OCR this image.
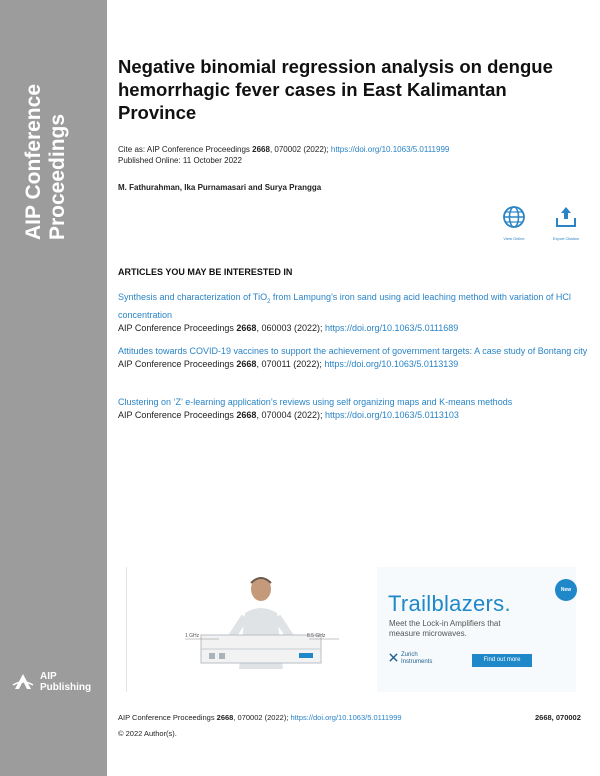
AIP Conference Proceedings
AIP
Publishing
Negative binomial regression analysis on dengue hemorrhagic fever cases in East Kalimantan Province
Cite as: AIP Conference Proceedings 2668, 070002 (2022); https://doi.org/10.1063/5.0111999
Published Online: 11 October 2022
M. Fathurahman, Ika Purnamasari and Surya Prangga
View Online	Export Citation
ARTICLES YOU MAY BE INTERESTED IN
Synthesis and characterization of TiO$_2$ from Lampung’s iron sand using acid leaching method with variation of HCl concentration
AIP Conference Proceedings 2668, 060003 (2022); https://doi.org/10.1063/5.0111689
Attitudes towards COVID-19 vaccines to support the achievement of government targets: A case study of Bontang city
AIP Conference Proceedings 2668, 070011 (2022); https://doi.org/10.1063/5.0113139
Clustering on ‘Z’ e-learning application’s reviews using self organizing maps and K-means methods
AIP Conference Proceedings 2668, 070004 (2022); https://doi.org/10.1063/5.0113103
1 GHz	8.5 GHz
Trailblazers.
New
Meet the Lock-in Amplifiers that
measure microwaves.
Zurich
Instruments	Find out more
AIP Conference Proceedings 2668, 070002 (2022); https://doi.org/10.1063/5.0111999	2668, 070002
© 2022 Author(s).
